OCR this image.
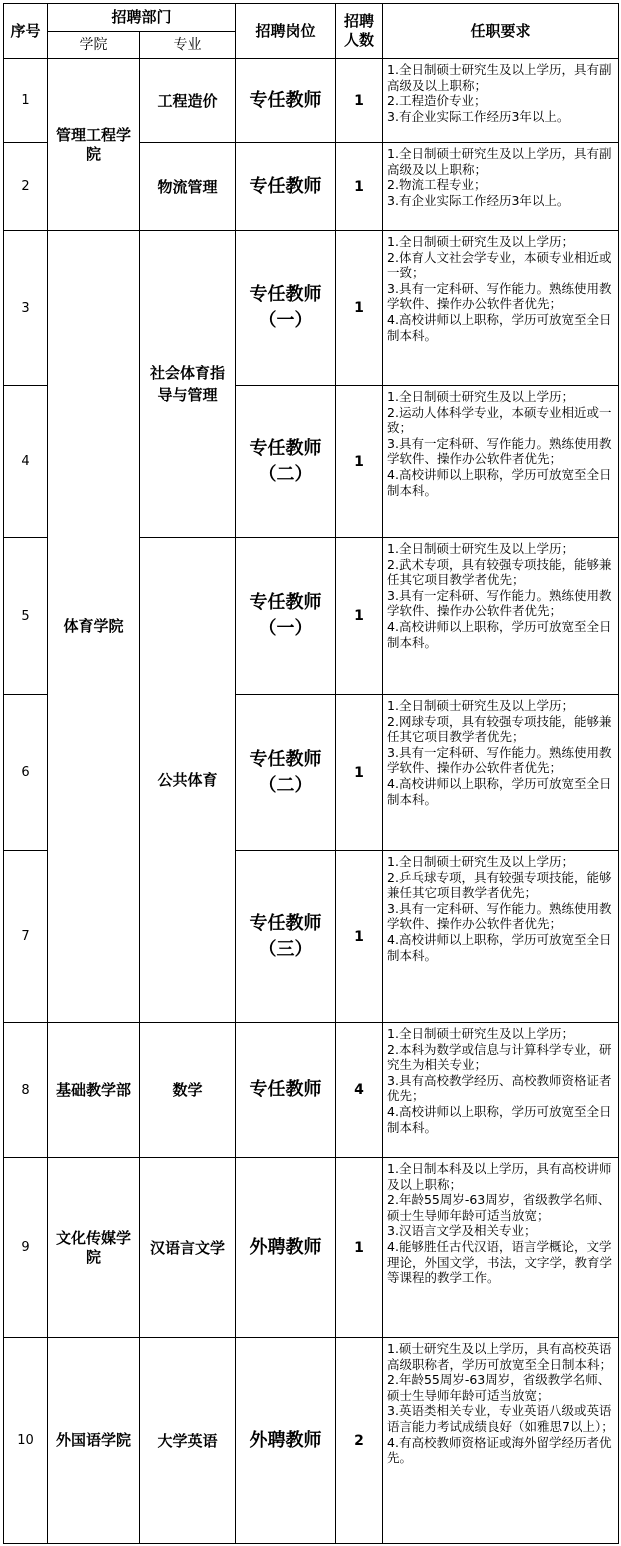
序号	招聘部门		招聘岗位	招聘
人数	任职要求
	学院	专业			
1	管理工程学院	工程造价	专任教师	1	1.全日制硕士研究生及以上学历，具有副高级及以上职称；
2.工程造价专业；
3.有企业实际工作经历3年以上。

2		物流管理	专任教师	1	1.全日制硕士研究生及以上学历，具有副高级及以上职称；
2.物流工程专业；
3.有企业实际工作经历3年以上。

3	体育学院	社会体育指导与管理	专任教师
（一）	1	1.全日制硕士研究生及以上学历；
2.体育人文社会学专业，本硕专业相近或一致；
3.具有一定科研、写作能力。熟练使用教学软件、操作办公软件者优先；
4.高校讲师以上职称，学历可放宽至全日制本科。

4			专任教师
（二）	1	1.全日制硕士研究生及以上学历；
2.运动人体科学专业，本硕专业相近或一致；
3.具有一定科研、写作能力。熟练使用教学软件、操作办公软件者优先；
4.高校讲师以上职称，学历可放宽至全日制本科。

5		公共体育	专任教师
（一）	1	1.全日制硕士研究生及以上学历；
2.武术专项，具有较强专项技能，能够兼任其它项目教学者优先；
3.具有一定科研、写作能力。熟练使用教学软件、操作办公软件者优先；
4.高校讲师以上职称，学历可放宽至全日制本科。

6			专任教师
（二）	1	1.全日制硕士研究生及以上学历；
2.网球专项，具有较强专项技能，能够兼任其它项目教学者优先；
3.具有一定科研、写作能力。熟练使用教学软件、操作办公软件者优先；
4.高校讲师以上职称，学历可放宽至全日制本科。

7			专任教师
（三）	1	1.全日制硕士研究生及以上学历；
2.乒乓球专项，具有较强专项技能，能够兼任其它项目教学者优先；
3.具有一定科研、写作能力。熟练使用教学软件、操作办公软件者优先；
4.高校讲师以上职称，学历可放宽至全日制本科。

8	基础教学部	数学	专任教师	4	1.全日制硕士研究生及以上学历；
2.本科为数学或信息与计算科学专业，研究生为相关专业；
3.具有高校教学经历、高校教师资格证者优先；
4.高校讲师以上职称，学历可放宽至全日制本科。

9	文化传媒学院	汉语言文学	外聘教师	1	1.全日制本科及以上学历，具有高校讲师及以上职称；
2.年龄55周岁-63周岁，省级教学名师、硕士生导师年龄可适当放宽；
3.汉语言文学及相关专业；
4.能够胜任古代汉语，语言学概论，文学理论，外国文学，书法，文字学，教育学等课程的教学工作。

10	外国语学院	大学英语	外聘教师	2	1.硕士研究生及以上学历，具有高校英语高级职称者，学历可放宽至全日制本科；
2.年龄55周岁-63周岁，省级教学名师、硕士生导师年龄可适当放宽；
3.英语类相关专业，专业英语八级或英语语言能力考试成绩良好（如雅思7以上）；
4.有高校教师资格证或海外留学经历者优先。
